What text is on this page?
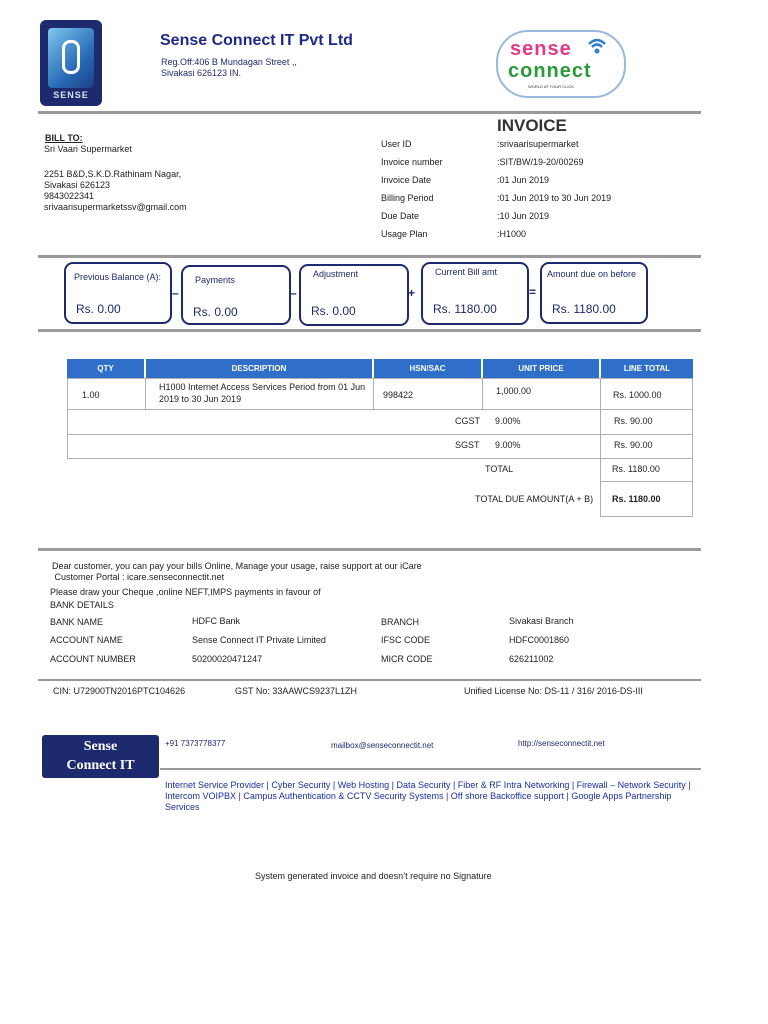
SENSE
Sense Connect IT Pvt Ltd
Reg.Off:406 B Mundagan Street ,,
Sivakasi 626123 IN.
sense
connect
WORLD AT YOUR CLICK
BILL TO:
Sri Vaari Supermarket
2251 B&D,S.K.D.Rathinam Nagar,
Sivakasi 626123
9843022341
srivaarisupermarketssv@gmail.com
INVOICE
User ID	:srivaarisupermarket
Invoice number	:SIT/BW/19-20/00269
Invoice Date	:01 Jun 2019
Billing Period	:01 Jun 2019 to 30 Jun 2019
Due Date	:10 Jun 2019
Usage Plan	:H1000
Previous Balance (A):
Rs. 0.00
–
Payments
Rs. 0.00
–
Adjustment
Rs. 0.00
+
Current Bill amt
Rs. 1180.00
=
Amount due on before
Rs. 1180.00
QTY	DESCRIPTION	HSN/SAC	UNIT PRICE	LINE TOTAL
1.00
H1000 Internet Access Services Period from 01 Jun
2019 to 30 Jun 2019	998422	1,000.00	Rs. 1000.00
CGST 9.00%	Rs. 90.00
SGST 9.00%	Rs. 90.00
TOTAL	Rs. 1180.00
TOTAL DUE AMOUNT(A + B) Rs. 1180.00
Dear customer, you can pay your bills Online, Manage your usage, raise support at our iCare
Customer Portal : icare.senseconnectit.net
Please draw your Cheque ,online NEFT,IMPS payments in favour of
BANK DETAILS
BANK NAME	HDFC Bank	BRANCH	Sivakasi Branch
ACCOUNT NAME	Sense Connect IT Private Limited	IFSC CODE	HDFC0001860
ACCOUNT NUMBER	50200020471247	MICR CODE	626211002
CIN: U72900TN2016PTC104626	GST No: 33AAWCS9237L1ZH	Unified License No: DS-11 / 316/ 2016-DS-III
Sense
Connect IT
+91 7373778377	mailbox@senseconnectit.net	http://senseconnectit.net
Internet Service Provider | Cyber Security | Web Hosting | Data Security | Fiber & RF Intra Networking | Firewall – Network Security |
Intercom VOIPBX | Campus Authentication & CCTV Security Systems | Off shore Backoffice support | Google Apps Partnership
Services
System generated invoice and doesn’t require no Signature
